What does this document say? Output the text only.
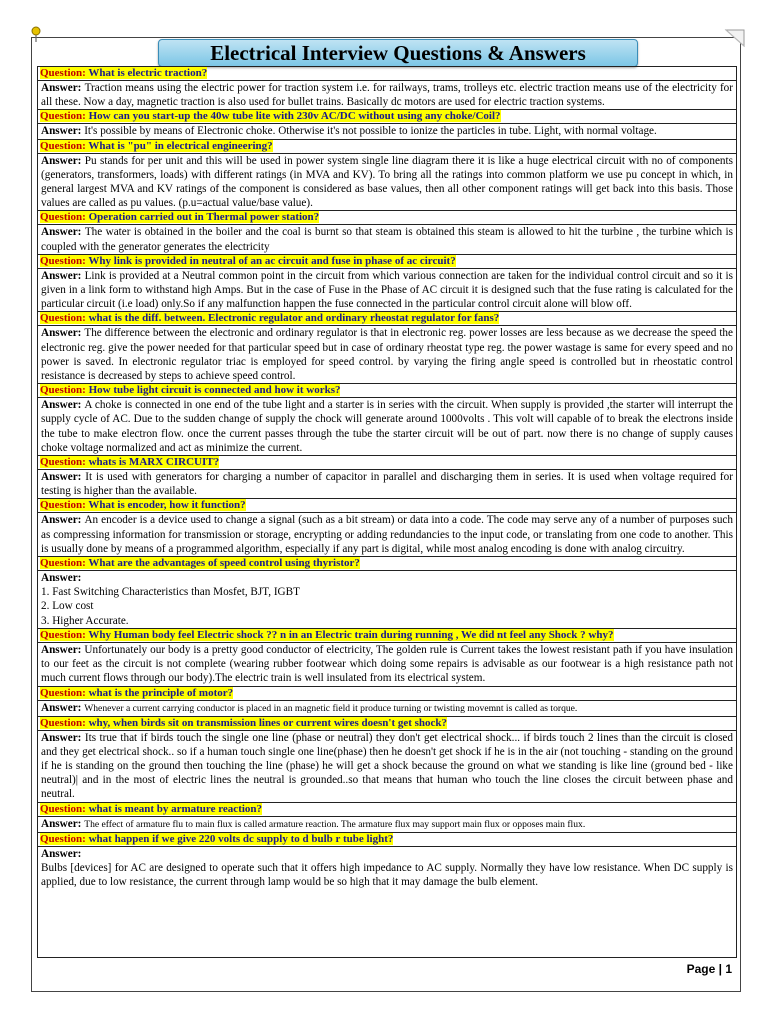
Electrical Interview Questions & Answers
Question: What is electric traction?
Answer: Traction means using the electric power for traction system i.e. for railways, trams, trolleys etc. electric traction means use of the electricity for all these. Now a day, magnetic traction is also used for bullet trains. Basically dc motors are used for electric traction systems.
Question: How can you start-up the 40w tube lite with 230v AC/DC without using any choke/Coil?
Answer: It's possible by means of Electronic choke. Otherwise it's not possible to ionize the particles in tube. Light, with normal voltage.
Question: What is "pu" in electrical engineering?
Answer: Pu stands for per unit and this will be used in power system single line diagram there it is like a huge electrical circuit with no of components (generators, transformers, loads) with different ratings (in MVA and KV). To bring all the ratings into common platform we use pu concept in which, in general largest MVA and KV ratings of the component is considered as base values, then all other component ratings will get back into this basis. Those values are called as pu values. (p.u=actual value/base value).
Question: Operation carried out in Thermal power station?
Answer: The water is obtained in the boiler and the coal is burnt so that steam is obtained this steam is allowed to hit the turbine , the turbine which is coupled with the generator generates the electricity
Question: Why link is provided in neutral of an ac circuit and fuse in phase of ac circuit?
Answer: Link is provided at a Neutral common point in the circuit from which various connection are taken for the individual control circuit and so it is given in a link form to withstand high Amps. But in the case of Fuse in the Phase of AC circuit it is designed such that the fuse rating is calculated for the particular circuit (i.e load) only.So if any malfunction happen the fuse connected in the particular control circuit alone will blow off.
Question: what is the diff. between. Electronic regulator and ordinary rheostat regulator for fans?
Answer: The difference between the electronic and ordinary regulator is that in electronic reg. power losses are less because as we decrease the speed the electronic reg. give the power needed for that particular speed but in case of ordinary rheostat type reg. the power wastage is same for every speed and no power is saved. In electronic regulator triac is employed for speed control. by varying the firing angle speed is controlled but in rheostatic control resistance is decreased by steps to achieve speed control.
Question: How tube light circuit is connected and how it works?
Answer: A choke is connected in one end of the tube light and a starter is in series with the circuit. When supply is provided ,the starter will interrupt the supply cycle of AC. Due to the sudden change of supply the chock will generate around 1000volts . This volt will capable of to break the electrons inside the tube to make electron flow. once the current passes through the tube the starter circuit will be out of part. now there is no change of supply causes choke voltage normalized and act as minimize the current.
Question: whats is MARX CIRCUIT?
Answer: It is used with generators for charging a number of capacitor in parallel and discharging them in series. It is used when voltage required for testing is higher than the available.
Question: What is encoder, how it function?
Answer: An encoder is a device used to change a signal (such as a bit stream) or data into a code. The code may serve any of a number of purposes such as compressing information for transmission or storage, encrypting or adding redundancies to the input code, or translating from one code to another. This is usually done by means of a programmed algorithm, especially if any part is digital, while most analog encoding is done with analog circuitry.
Question: What are the advantages of speed control using thyristor?
Answer:
1. Fast Switching Characteristics than Mosfet, BJT, IGBT
2. Low cost
3. Higher Accurate.
Question: Why Human body feel Electric shock ?? n in an Electric train during running , We did nt feel any Shock ? why?
Answer: Unfortunately our body is a pretty good conductor of electricity, The golden rule is Current takes the lowest resistant path if you have insulation to our feet as the circuit is not complete (wearing rubber footwear which doing some repairs is advisable as our footwear is a high resistance path not much current flows through our body).The electric train is well insulated from its electrical system.
Question: what is the principle of motor?
Answer: Whenever a current carrying conductor is placed in an magnetic field it produce turning or twisting movemnt is called as torque.
Question: why, when birds sit on transmission lines or current wires doesn't get shock?
Answer: Its true that if birds touch the single one line (phase or neutral) they don't get electrical shock... if birds touch 2 lines than the circuit is closed and they get electrical shock.. so if a human touch single one line(phase) then he doesn't get shock if he is in the air (not touching - standing on the ground if he is standing on the ground then touching the line (phase) he will get a shock because the ground on what we standing is like line (ground bed - like neutral)| and in the most of electric lines the neutral is grounded..so that means that human who touch the line closes the circuit between phase and neutral.
Question: what is meant by armature reaction?
Answer: The effect of armature flu to main flux is called armature reaction. The armature flux may support main flux or opposes main flux.
Question: what happen if we give 220 volts dc supply to d bulb r tube light?
Answer:
Bulbs [devices] for AC are designed to operate such that it offers high impedance to AC supply. Normally they have low resistance. When DC supply is applied, due to low resistance, the current through lamp would be so high that it may damage the bulb element.
Page | 1
